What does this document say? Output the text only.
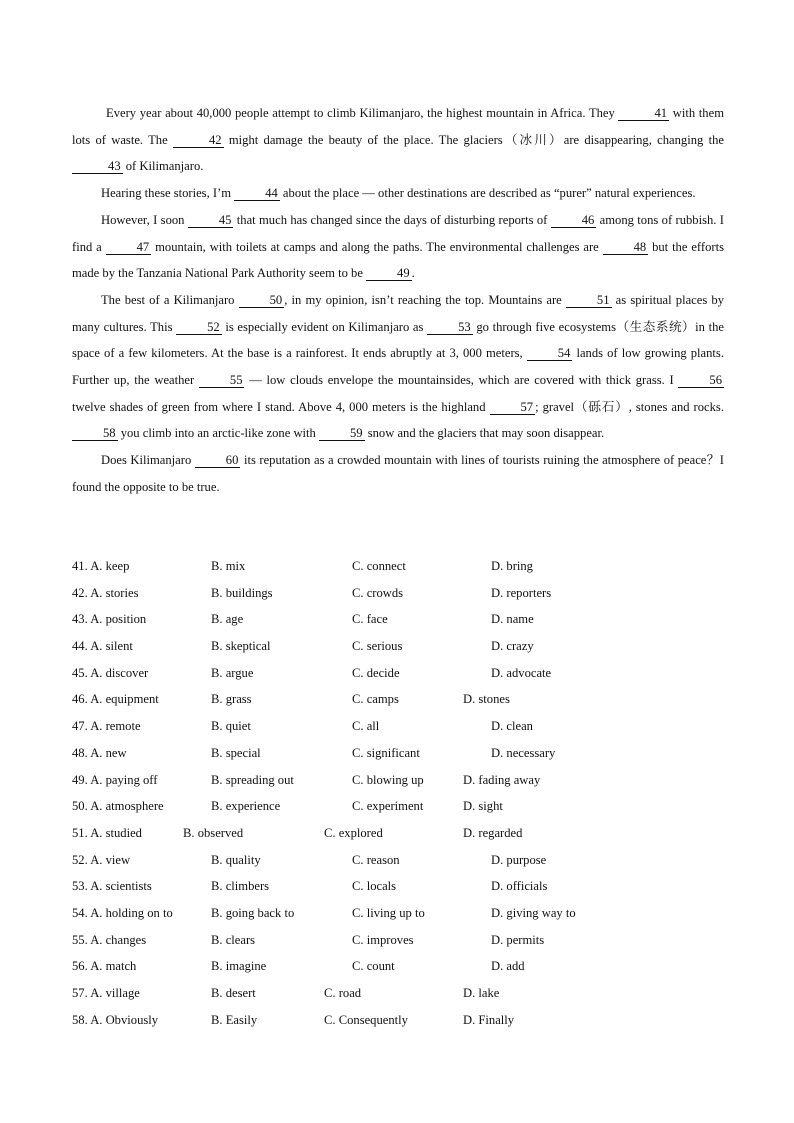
Every year about 40,000 people attempt to climb Kilimanjaro, the highest mountain in Africa. They	41 with them lots of waste. The	42 might damage the beauty of the place. The glaciers（冰川）are disappearing, changing the 43 of Kilimanjaro.

Hearing these stories, I’m 44 about the place — other destinations are described as “purer” natural experiences.

However, I soon 45 that much has changed since the days of disturbing reports of 46 among tons of rubbish. I find a 47 mountain, with toilets at camps and along the paths. The environmental challenges are 48 but the efforts made by the Tanzania National Park Authority seem to be 49 .

The best of a Kilimanjaro 50 , in my opinion, isn’t reaching the top. Mountains are 51 as spiritual places by many cultures. This 52 is especially evident on Kilimanjaro as 53 go through five ecosystems（生态系统）in the space of a few kilometers. At the base is a rainforest. It ends abruptly at 3, 000 meters, 54 lands of low growing plants. Further up, the weather 55 — low clouds envelope the mountainsides, which are covered with thick grass. I 56 twelve shades of green from where I stand. Above 4, 000 meters is the highland 57 ; gravel（砾石）, stones and rocks. 58 you climb into an arctic-like zone with 59 snow and the glaciers that may soon disappear.

Does Kilimanjaro 60 its reputation as a crowded mountain with lines of tourists ruining the atmosphere of peace？I found the opposite to be true.

41. A. keep	B. mix	C. connect	D. bring
42. A. stories	B. buildings	C. crowds	D. reporters
43. A. position	B. age	C. face	D. name
44. A. silent	B. skeptical	C. serious	D. crazy
45. A. discover	B. argue	C. decide	D. advocate
46. A. equipment	B. grass	C. camps	D. stones
47. A. remote	B. quiet	C. all	D. clean
48. A. new	B. special	C. significant	D. necessary
49. A. paying off	B. spreading out	C. blowing up	D. fading away
50. A. atmosphere	B. experience	C. experiment	D. sight
51. A. studied	B. observed	C. explored	D. regarded
52. A. view	B. quality	C. reason	D. purpose
53. A. scientists	B. climbers	C. locals	D. officials
54. A. holding on to	B. going back to	C. living up to	D. giving way to
55. A. changes	B. clears	C. improves	D. permits
56. A. match	B. imagine	C. count	D. add
57. A. village	B. desert	C. road	D. lake
58. A. Obviously	B. Easily	C. Consequently	D. Finally
